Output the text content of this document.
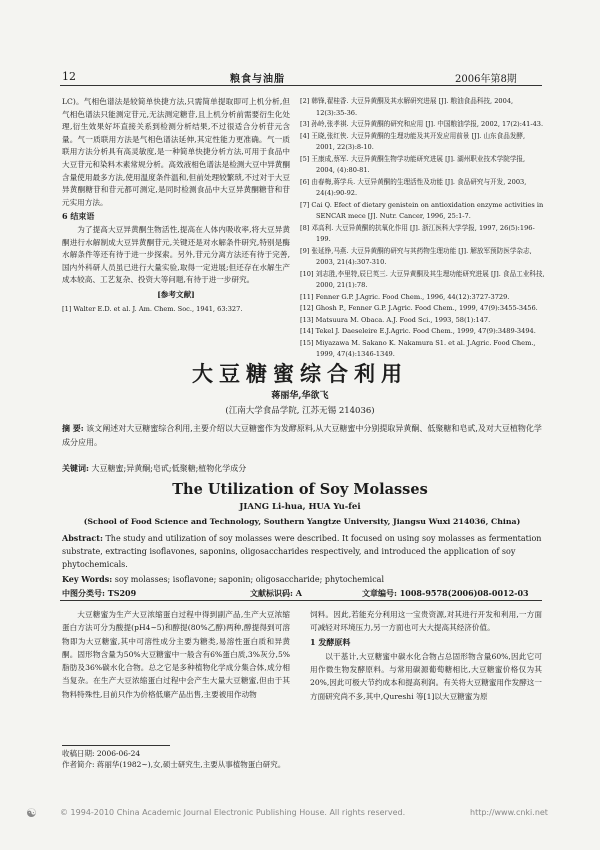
12	粮食与油脂	2006年第8期

LC)。气相色谱法是较简单快捷方法,只需简单提取即可上机分析,但气相色谱法只能测定苷元,无法测定糖苷,且上机分析前需要衍生化处理,衍生效果好坏直接关系到检测分析结果,不过很适合分析苷元含量。气一质联用方法是气相色谱法延伸,其定性能力更准确。气一质联用方法分析具有高灵敏度,是一种简单快捷分析方法,可用于食品中大豆苷元和染料木素常规分析。高效液相色谱法是检测大豆中异黄酮含量使用最多方法,使用温度条件温和,但前处理较繁琐,不过对于大豆异黄酮糖苷和苷元都可测定,是同时检测食品中大豆异黄酮糖苷和苷元实用方法。

6 结束语

为了提高大豆异黄酮生物活性,提高在人体内吸收率,将大豆异黄酮进行水解制成大豆异黄酮苷元,关键还是对水解条件研究,特别是酶水解条件等还有待于进一步探索。另外,苷元分离方法还有待于完善,国内外科研人员虽已进行大量实验,取得一定进展;但还存在水解生产成本较高、工艺复杂、投资大等问题,有待于进一步研究。

[参考文献]
[1] Walter E.D. et al. J. Am. Chem. Soc., 1941, 63:327.
[2] 韩锋,翟桂香. 大豆异黄酮及其水解研究进展 [J]. 粮油食品科技, 2004, 12(3):35-36.
[3] 孙岭,张孝祺. 大豆异黄酮的研究和应用 [J]. 中国粮油学报, 2002, 17(2):41-43.
[4] 王晓,张红侠. 大豆异黄酮的生理功能及其开发应用前景 [J]. 山东食品发酵, 2001, 22(3):8-10.
[5] 王康成,蔡军. 大豆异黄酮生物学功能研究进展 [J]. 湖州职业技术学院学报, 2004, (4):80-81.
[6] 由春梅,蒋学兵. 大豆异黄酮的生理活性及功能 [J]. 食品研究与开发, 2003, 24(4):90-92.
[7] Cai Q. Efect of dietary genistein on antioxidation enzyme activities in SENCAR mece [J]. Nutr. Cancer, 1996, 25:1-7.
[8] 邓高利. 大豆异黄酮的抗氧化作用 [J]. 浙江医科大学学报, 1997, 26(5):196-199.
[9] 张延铮,马燕. 大豆异黄酮的研究与其药物生理功能 [J]. 解放军预防医学杂志, 2003, 21(4):307-310.
[10] 刘志胜,李里特,辰巳英三. 大豆异黄酮及其生理功能研究进展 [J]. 食品工业科技, 2000, 21(1):78.
[11] Fenner G.P. J.Agric. Food Chem., 1996, 44(12):3727-3729.
[12] Ghosh P., Fenner G.P. J.Agric. Food Chem., 1999, 47(9):3455-3456.
[13] Matsuura M. Obaca. A.J. Food Sci., 1993, 58(1):147.
[14] Tekel J. Daeseleire E.J.Agric. Food Chem., 1999, 47(9):3489-3494.
[15] Miyazawa M. Sakano K. Nakamura S1. et al. J.Agric. Food Chem., 1999, 47(4):1346-1349.
大豆糖蜜综合利用
蒋丽华,华欲飞
(江南大学食品学院, 江苏无锡 214036)
摘 要: 该文阐述对大豆糖蜜综合利用,主要介绍以大豆糖蜜作为发酵原料,从大豆糖蜜中分别提取异黄酮、低聚糖和皂甙,及对大豆植物化学成分应用。
关键词: 大豆糖蜜;异黄酮;皂甙;低聚糖;植物化学成分
The Utilization of Soy Molasses
JIANG Li-hua, HUA Yu-fei
(School of Food Science and Technology, Southern Yangtze University, Jiangsu Wuxi 214036, China)
Abstract: The study and utilization of soy molasses were described. It focused on using soy molasses as fermentation substrate, extracting isoflavones, saponins, oligosaccharides respectively, and introduced the application of soy phytochemicals.
Key Words: soy molasses; isoflavone; saponin; oligosaccharide; phytochemical
中图分类号: TS209	文献标识码: A	文章编号: 1008-9578(2006)08-0012-03

大豆糖蜜为生产大豆浓缩蛋白过程中得到副产品,生产大豆浓缩蛋白方法可分为酸提(pH4~5)和醇提(80%乙醇)两种,醇提得到可溶物即为大豆糖蜜,其中可溶性成分主要为糖类,易溶性蛋白质和异黄酮。固形物含量为50%大豆糖蜜中一般含有6%蛋白质,3%灰分,5%脂肪及36%碳水化合物。总之它是多种植物化学成分集合体,成分相当复杂。在生产大豆浓缩蛋白过程中会产生大量大豆糖蜜,但由于其物料特殊性,目前只作为价格低廉产品出售,主要被用作动物

饲料。因此,若能充分利用这一宝贵资源,对其进行开发和利用,一方面可减轻对环境压力,另一方面也可大大提高其经济价值。

1 发酵原料

以干基计,大豆糖蜜中碳水化合物占总固形物含量60%,因此它可用作微生物发酵原料。与常用碳源葡萄糖相比,大豆糖蜜价格仅为其20%,因此可极大节约成本和提高利润。有关将大豆糖蜜用作发酵这一方面研究尚不多,其中,Qureshi 等[1]以大豆糖蜜为原

收稿日期: 2006-06-24
作者简介: 蒋丽华(1982~),女,硕士研究生,主要从事植物蛋白研究。
☯	© 1994-2010 China Academic Journal Electronic Publishing House. All rights reserved.	http://www.cnki.net
